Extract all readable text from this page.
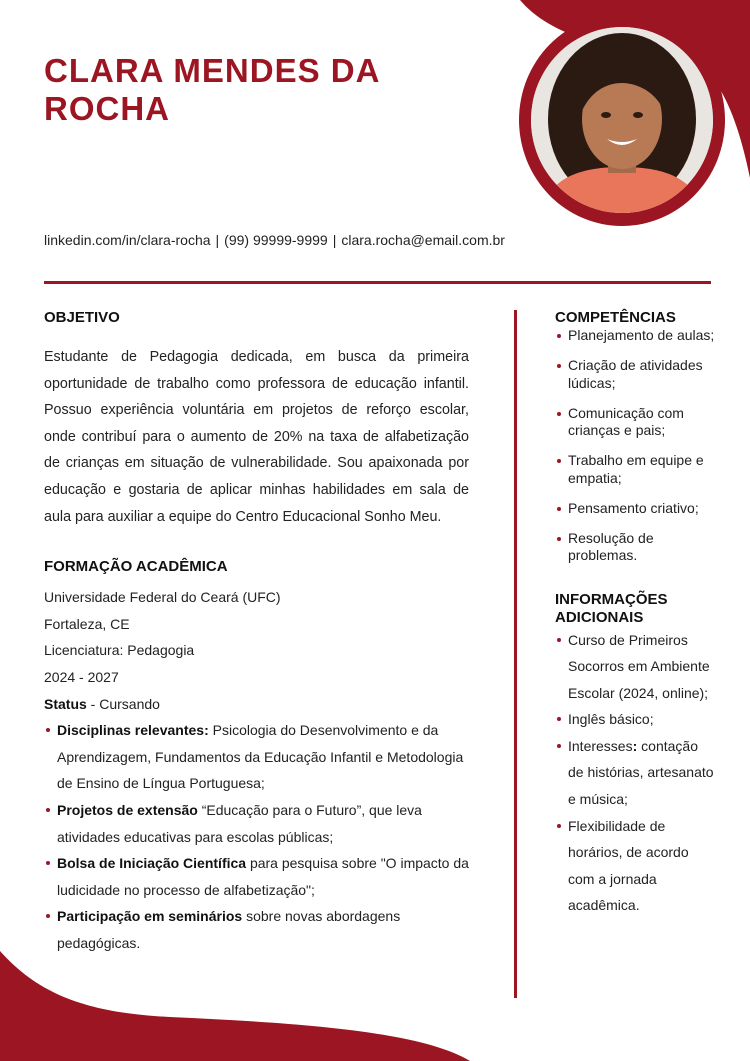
CLARA MENDES DA ROCHA
linkedin.com/in/clara-rocha | (99) 99999-9999 | clara.rocha@email.com.br
OBJETIVO

Estudante de Pedagogia dedicada, em busca da primeira oportunidade de trabalho como professora de educação infantil. Possuo experiência voluntária em projetos de reforço escolar, onde contribuí para o aumento de 20% na taxa de alfabetização de crianças em situação de vulnerabilidade. Sou apaixonada por educação e gostaria de aplicar minhas habilidades em sala de aula para auxiliar a equipe do Centro Educacional Sonho Meu.

FORMAÇÃO ACADÊMICA
Universidade Federal do Ceará (UFC)
Fortaleza, CE
Licenciatura: Pedagogia
2024 - 2027
Status - Cursando
Disciplinas relevantes: Psicologia do Desenvolvimento e da Aprendizagem, Fundamentos da Educação Infantil e Metodologia de Ensino de Língua Portuguesa;
Projetos de extensão “Educação para o Futuro”, que leva atividades educativas para escolas públicas;
Bolsa de Iniciação Científica para pesquisa sobre "O impacto da ludicidade no processo de alfabetização";
Participação em seminários sobre novas abordagens pedagógicas.
COMPETÊNCIAS
Planejamento de aulas;
Criação de atividades lúdicas;
Comunicação com crianças e pais;
Trabalho em equipe e empatia;
Pensamento criativo;
Resolução de problemas.
INFORMAÇÕES ADICIONAIS
Curso de Primeiros Socorros em Ambiente Escolar (2024, online);
Inglês básico;
Interesses: contação de histórias, artesanato e música;
Flexibilidade de horários, de acordo com a jornada acadêmica.
